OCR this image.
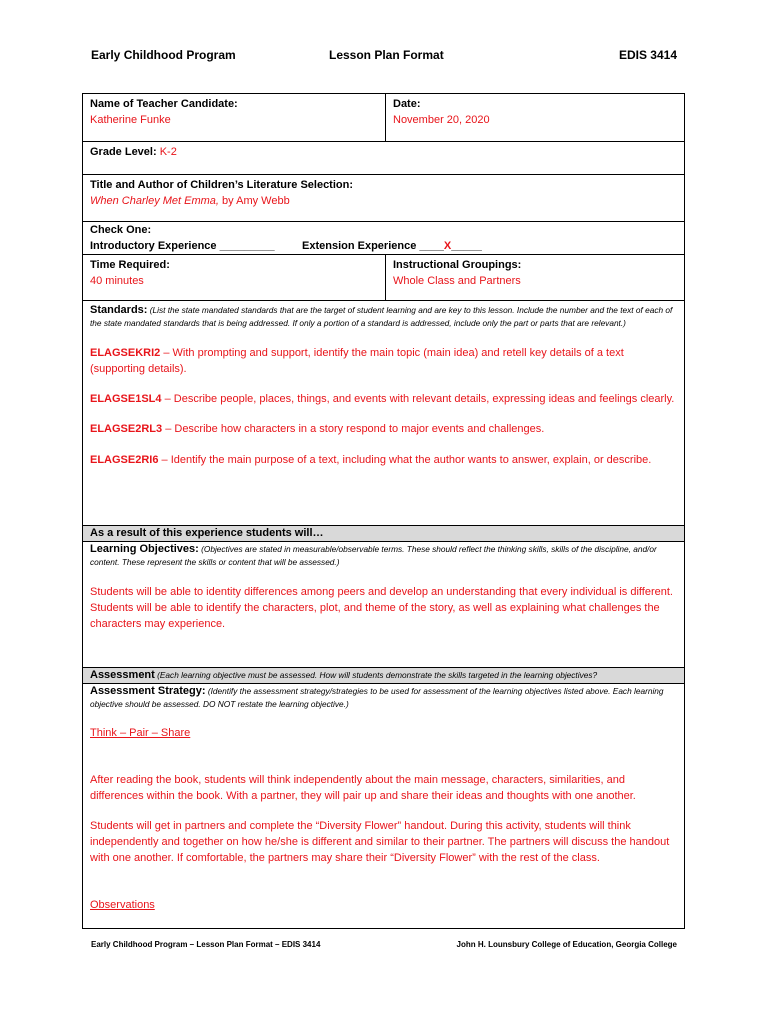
Early Childhood Program	Lesson Plan Format	EDIS 3414
Name of Teacher Candidate:
Katherine Funke
Date:
November 20, 2020
Grade Level: K-2
Title and Author of Children’s Literature Selection:
When Charley Met Emma, by Amy Webb
Check One:
Introductory Experience _________ Extension Experience ____X_____
Time Required:
40 minutes
Instructional Groupings:
Whole Class and Partners
Standards: (List the state mandated standards that are the target of student learning and are key to this lesson. Include the number and the text of each of the state mandated standards that is being addressed. If only a portion of a standard is addressed, include only the part or parts that are relevant.)
ELAGSEKRI2 – With prompting and support, identify the main topic (main idea) and retell key details of a text (supporting details).
ELAGSE1SL4 – Describe people, places, things, and events with relevant details, expressing ideas and feelings clearly.
ELAGSE2RL3 – Describe how characters in a story respond to major events and challenges.
ELAGSE2RI6 – Identify the main purpose of a text, including what the author wants to answer, explain, or describe.
As a result of this experience students will…
Learning Objectives: (Objectives are stated in measurable/observable terms. These should reflect the thinking skills, skills of the discipline, and/or content. These represent the skills or content that will be assessed.)
Students will be able to identity differences among peers and develop an understanding that every individual is different. Students will be able to identify the characters, plot, and theme of the story, as well as explaining what challenges the characters may experience.
Assessment (Each learning objective must be assessed. How will students demonstrate the skills targeted in the learning objectives?
Assessment Strategy: (Identify the assessment strategy/strategies to be used for assessment of the learning objectives listed above. Each learning objective should be assessed. DO NOT restate the learning objective.)
Think – Pair – Share
After reading the book, students will think independently about the main message, characters, similarities, and differences within the book. With a partner, they will pair up and share their ideas and thoughts with one another.
Students will get in partners and complete the “Diversity Flower” handout. During this activity, students will think independently and together on how he/she is different and similar to their partner. The partners will discuss the handout with one another. If comfortable, the partners may share their “Diversity Flower” with the rest of the class.
Observations
Early Childhood Program – Lesson Plan Format – EDIS 3414	John H. Lounsbury College of Education, Georgia College
